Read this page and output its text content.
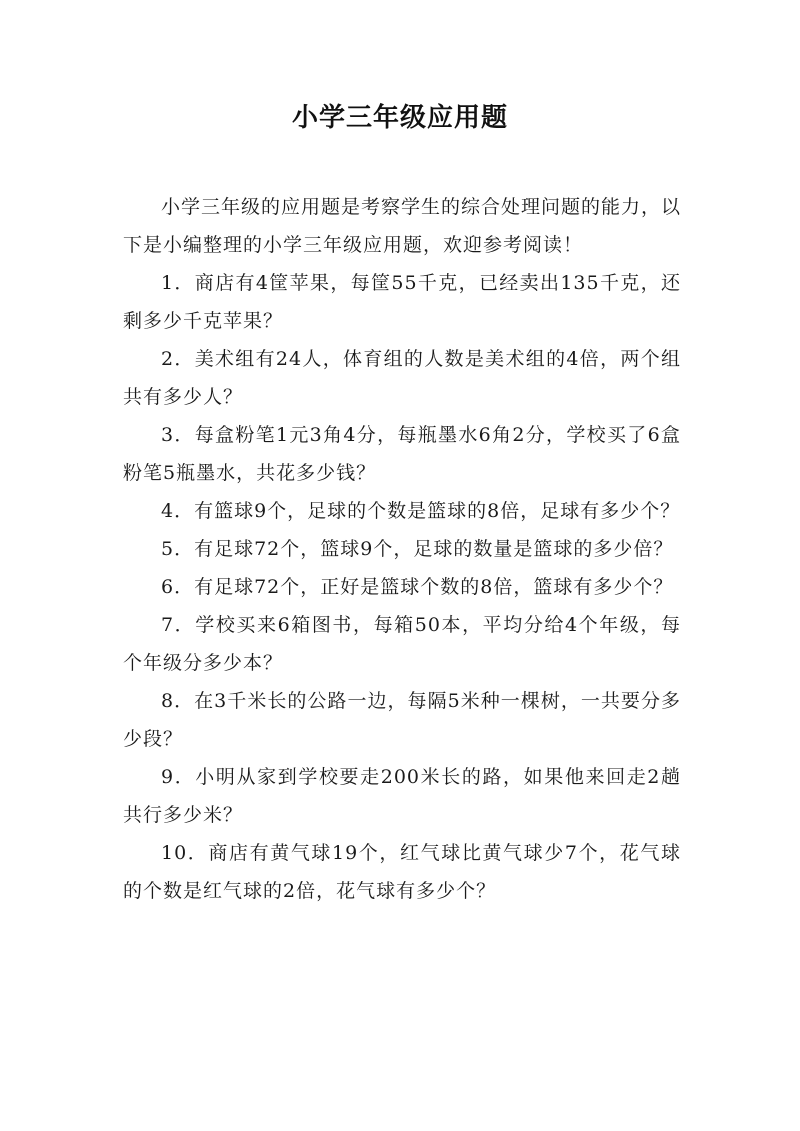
小学三年级应用题

小学三年级的应用题是考察学生的综合处理问题的能力，以下是小编整理的小学三年级应用题，欢迎参考阅读！

1．商店有4筐苹果，每筐55千克，已经卖出135千克，还剩多少千克苹果？

2．美术组有24人，体育组的人数是美术组的4倍，两个组共有多少人？

3．每盒粉笔1元3角4分，每瓶墨水6角2分，学校买了6盒粉笔5瓶墨水，共花多少钱？

4．有篮球9个，足球的个数是篮球的8倍，足球有多少个？

5．有足球72个，篮球9个，足球的数量是篮球的多少倍？

6．有足球72个，正好是篮球个数的8倍，篮球有多少个？

7．学校买来6箱图书，每箱50本，平均分给4个年级，每个年级分多少本？

8．在3千米长的公路一边，每隔5米种一棵树，一共要分多少段？

9．小明从家到学校要走200米长的路，如果他来回走2趟共行多少米？

10．商店有黄气球19个，红气球比黄气球少7个，花气球的个数是红气球的2倍，花气球有多少个？
